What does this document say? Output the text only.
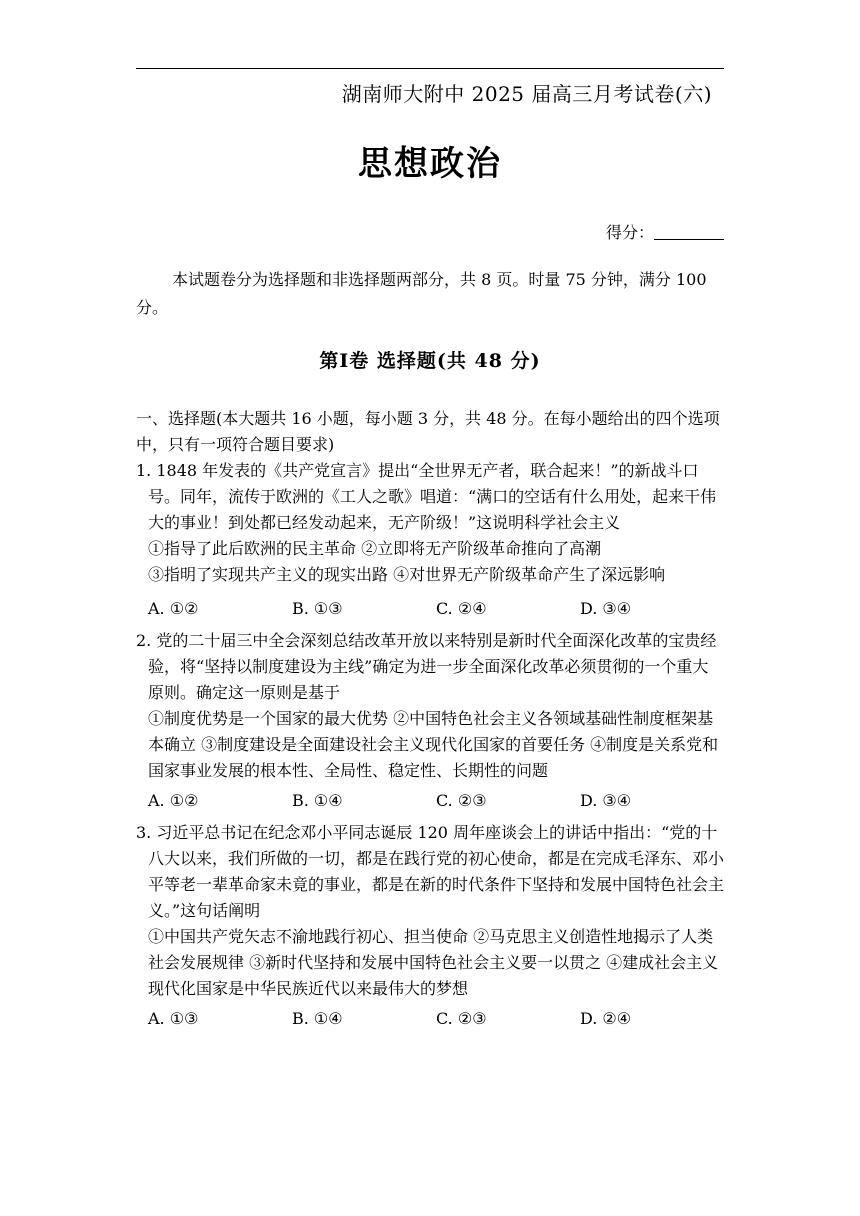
湖南师大附中 2025 届高三月考试卷(六)
思想政治
得分：
本试题卷分为选择题和非选择题两部分，共 8 页。时量 75 分钟，满分 100 分。
第Ⅰ卷 选择题(共 48 分)
一、选择题(本大题共 16 小题，每小题 3 分，共 48 分。在每小题给出的四个选项中，只有一项符合题目要求)

1. 1848 年发表的《共产党宣言》提出“全世界无产者，联合起来！”的新战斗口号。同年，流传于欧洲的《工人之歌》唱道：“满口的空话有什么用处，起来干伟大的事业！到处都已经发动起来，无产阶级！”这说明科学社会主义

①指导了此后欧洲的民主革命 ②立即将无产阶级革命推向了高潮
③指明了实现共产主义的现实出路 ④对世界无产阶级革命产生了深远影响
A. ①②	B. ①③	C. ②④	D. ③④

2. 党的二十届三中全会深刻总结改革开放以来特别是新时代全面深化改革的宝贵经验，将“坚持以制度建设为主线”确定为进一步全面深化改革必须贯彻的一个重大原则。确定这一原则是基于

①制度优势是一个国家的最大优势 ②中国特色社会主义各领域基础性制度框架基本确立 ③制度建设是全面建设社会主义现代化国家的首要任务 ④制度是关系党和国家事业发展的根本性、全局性、稳定性、长期性的问题
A. ①②	B. ①④	C. ②③	D. ③④

3. 习近平总书记在纪念邓小平同志诞辰 120 周年座谈会上的讲话中指出：“党的十八大以来，我们所做的一切，都是在践行党的初心使命，都是在完成毛泽东、邓小平等老一辈革命家未竟的事业，都是在新的时代条件下坚持和发展中国特色社会主义。”这句话阐明

①中国共产党矢志不渝地践行初心、担当使命 ②马克思主义创造性地揭示了人类社会发展规律 ③新时代坚持和发展中国特色社会主义要一以贯之 ④建成社会主义现代化国家是中华民族近代以来最伟大的梦想
A. ①③	B. ①④	C. ②③	D. ②④
